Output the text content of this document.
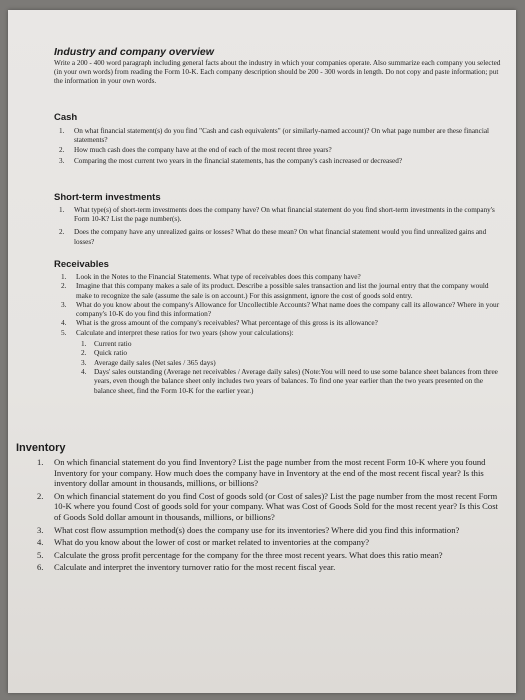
Industry and company overview

Write a 200 - 400 word paragraph including general facts about the industry in which your companies operate. Also summarize each company you selected (in your own words) from reading the Form 10-K. Each company description should be 200 - 300 words in length. Do not copy and paste information; put the information in your own words.

Cash
1. On what financial statement(s) do you find "Cash and cash equivalents" (or similarly-named account)? On what page number are these financial statements?
2. How much cash does the company have at the end of each of the most recent three years?
3. Comparing the most current two years in the financial statements, has the company's cash increased or decreased?
Short-term investments
1. What type(s) of short-term investments does the company have? On what financial statement do you find short-term investments in the company's Form 10-K? List the page number(s).
2. Does the company have any unrealized gains or losses? What do these mean? On what financial statement would you find unrealized gains and losses?
Receivables
1. Look in the Notes to the Financial Statements. What type of receivables does this company have?
2. Imagine that this company makes a sale of its product. Describe a possible sales transaction and list the journal entry that the company would make to recognize the sale (assume the sale is on account.) For this assignment, ignore the cost of goods sold entry.
3. What do you know about the company's Allowance for Uncollectible Accounts? What name does the company call its allowance? Where in your company's 10-K do you find this information?
4. What is the gross amount of the company's receivables? What percentage of this gross is its allowance?
5. Calculate and interpret these ratios for two years (show your calculations):
1. Current ratio
2. Quick ratio
3. Average daily sales (Net sales / 365 days)
4. Days' sales outstanding (Average net receivables / Average daily sales) (Note:You will need to use some balance sheet balances from three years, even though the balance sheet only includes two years of balances. To find one year earlier than the two years presented on the balance sheet, find the Form 10-K for the earlier year.)
Inventory
1. On which financial statement do you find Inventory? List the page number from the most recent Form 10-K where you found Inventory for your company. How much does the company have in Inventory at the end of the most recent fiscal year? Is this inventory dollar amount in thousands, millions, or billions?
2. On which financial statement do you find Cost of goods sold (or Cost of sales)? List the page number from the most recent Form 10-K where you found Cost of goods sold for your company. What was Cost of Goods Sold for the most recent year? Is this Cost of Goods Sold dollar amount in thousands, millions, or billions?
3. What cost flow assumption method(s) does the company use for its inventories? Where did you find this information?
4. What do you know about the lower of cost or market related to inventories at the company?
5. Calculate the gross profit percentage for the company for the three most recent years. What does this ratio mean?
6. Calculate and interpret the inventory turnover ratio for the most recent fiscal year.
